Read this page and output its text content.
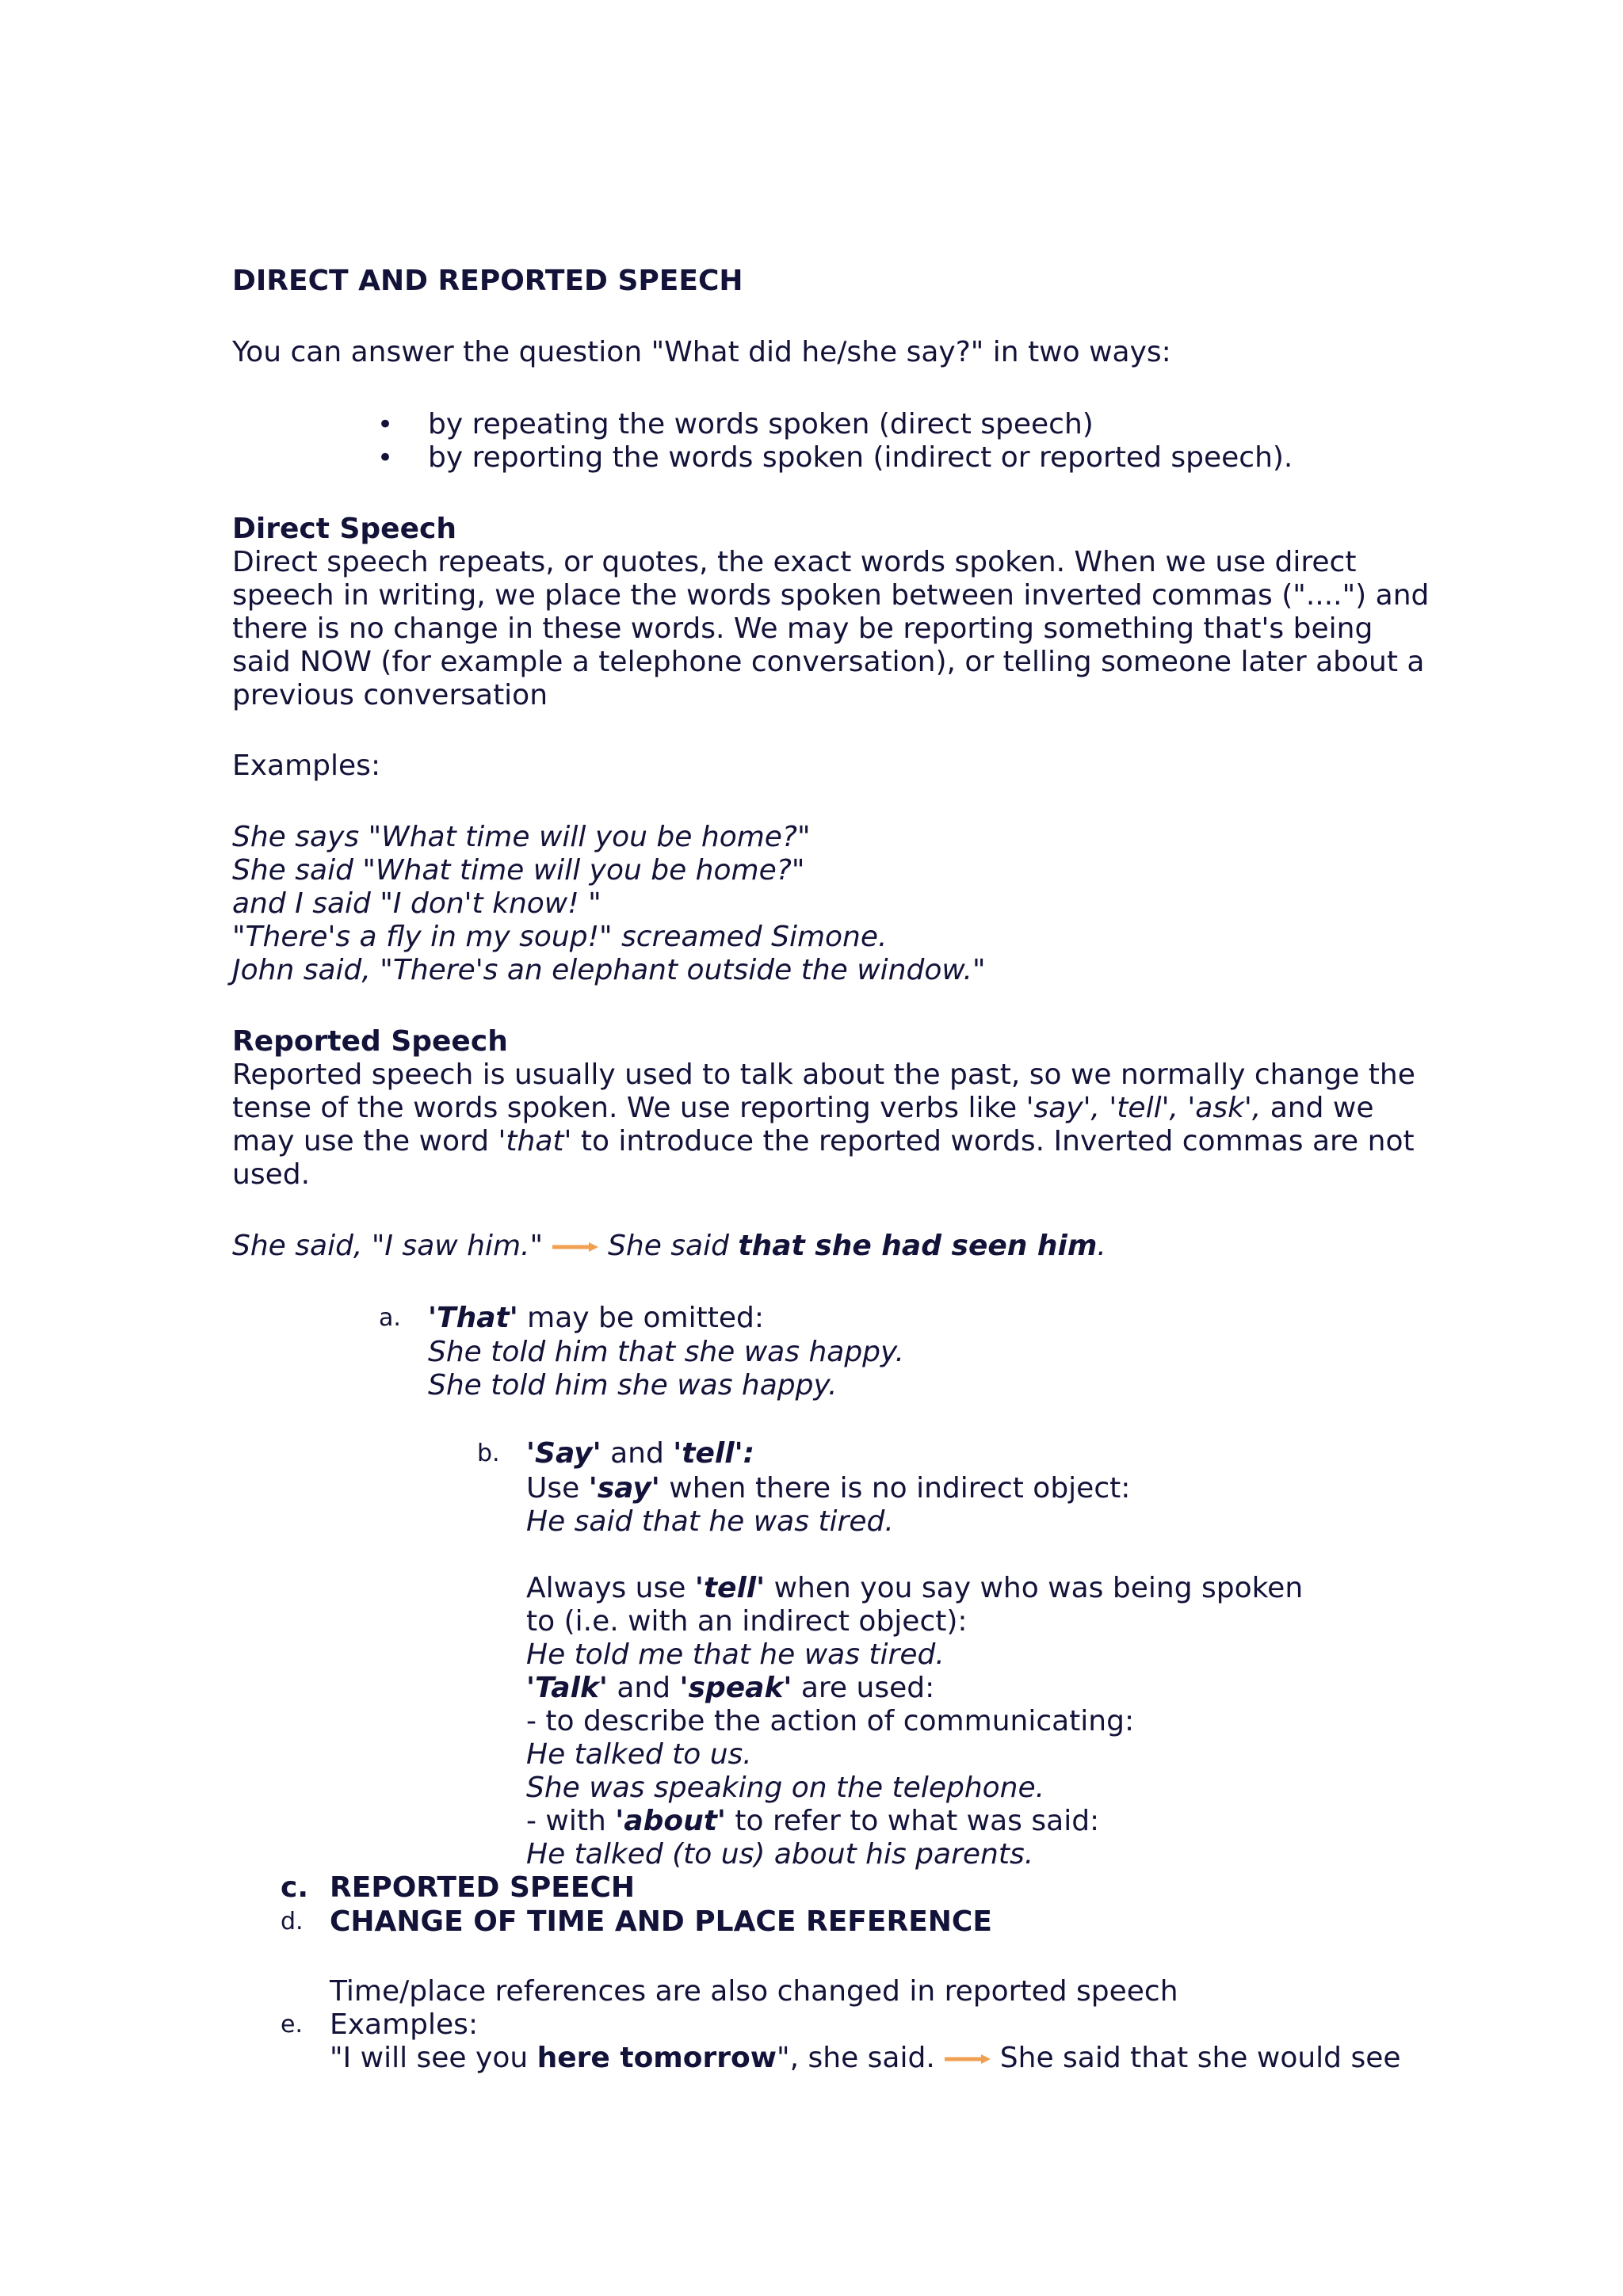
DIRECT AND REPORTED SPEECH
You can answer the question "What did he/she say?" in two ways:
• by repeating the words spoken (direct speech)
• by reporting the words spoken (indirect or reported speech).
Direct Speech
Direct speech repeats, or quotes, the exact words spoken. When we use direct
speech in writing, we place the words spoken between inverted commas ("....") and
there is no change in these words. We may be reporting something that's being
said NOW (for example a telephone conversation), or telling someone later about a
previous conversation
Examples:
She says "What time will you be home?"
She said "What time will you be home?"
and I said "I don't know! "
"There's a fly in my soup!" screamed Simone.
John said, "There's an elephant outside the window."
Reported Speech
Reported speech is usually used to talk about the past, so we normally change the
tense of the words spoken. We use reporting verbs like 'say', 'tell', 'ask', and we
may use the word 'that' to introduce the reported words. Inverted commas are not
used.
She said, "I saw him." She said that she had seen him.
a. 'That' may be omitted:
She told him that she was happy.
She told him she was happy.
b. 'Say' and 'tell':
Use 'say' when there is no indirect object:
He said that he was tired.
Always use 'tell' when you say who was being spoken
to (i.e. with an indirect object):
He told me that he was tired.
'Talk' and 'speak' are used:
- to describe the action of communicating:
He talked to us.
She was speaking on the telephone.
- with 'about' to refer to what was said:
He talked (to us) about his parents.
c. REPORTED SPEECH
d. CHANGE OF TIME AND PLACE REFERENCE
Time/place references are also changed in reported speech
e. Examples:
"I will see you here tomorrow", she said. She said that she would see
